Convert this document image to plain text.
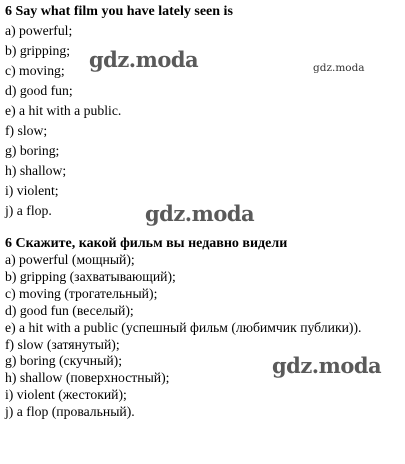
6 Say what film you have lately seen is
a) powerful;
b) gripping;
c) moving;
d) good fun;
e) a hit with a public.
f) slow;
g) boring;
h) shallow;
i) violent;
j) a flop.
6 Скажите, какой фильм вы недавно видели
a) powerful (мощный);
b) gripping (захватывающий);
c) moving (трогательный);
d) good fun (веселый);
e) a hit with a public (успешный фильм (любимчик публики)).
f) slow (затянутый);
g) boring (скучный);
h) shallow (поверхностный);
i) violent (жестокий);
j) a flop (провальный).
gdz.moda	gdz.moda
gdz.moda
gdz.moda
